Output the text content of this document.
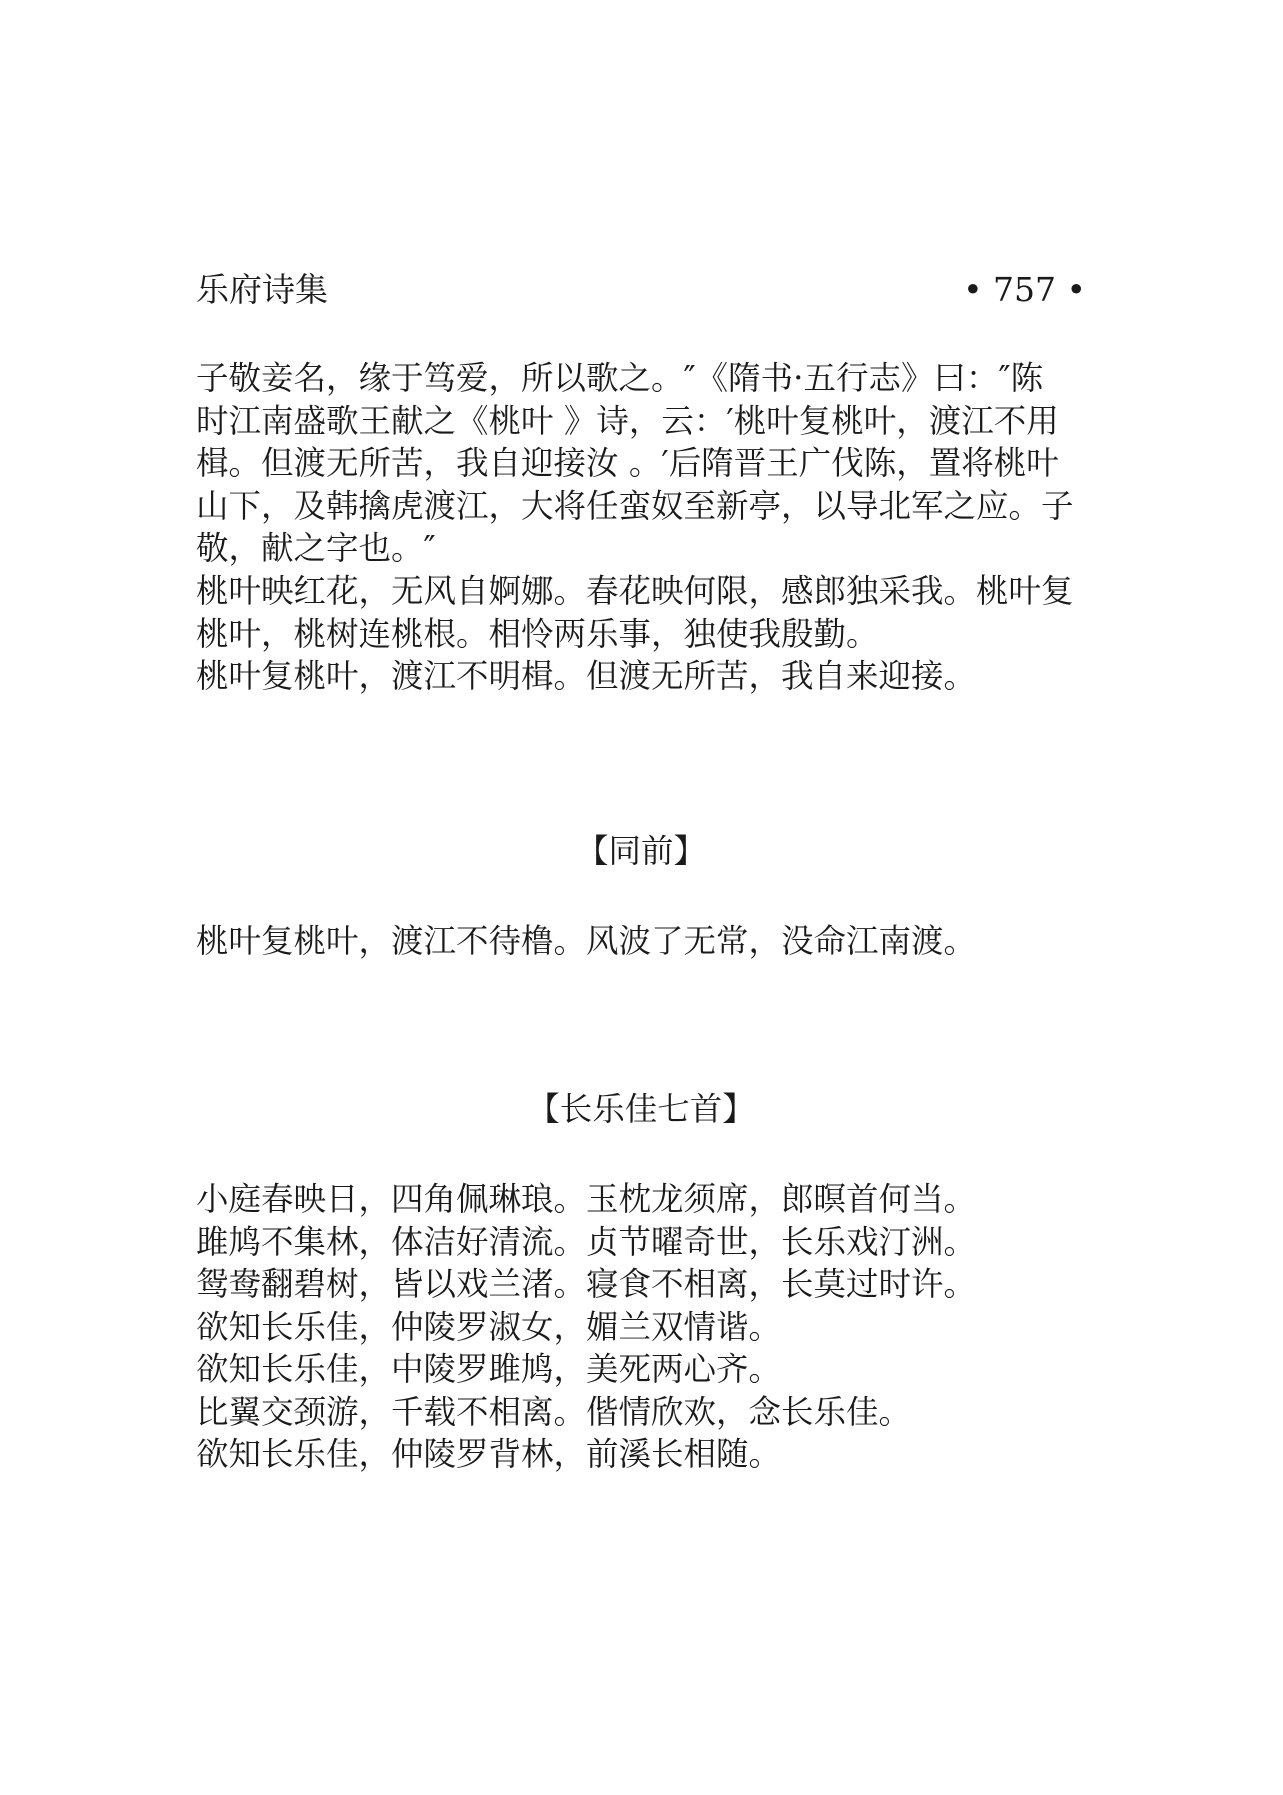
乐府诗集	• 757 •
子敬妾名，缘于笃爱，所以歌之。″《隋书·五行志》曰：″陈
时江南盛歌王献之《桃叶 》诗，云：′桃叶复桃叶，渡江不用
楫。但渡无所苦，我自迎接汝 。′后隋晋王广伐陈，置将桃叶
山下，及韩擒虎渡江，大将任蛮奴至新亭，以导北军之应。子
敬，献之字也。″
桃叶映红花，无风自婀娜。春花映何限，感郎独采我。桃叶复
桃叶，桃树连桃根。相怜两乐事，独使我殷勤。
桃叶复桃叶，渡江不明楫。但渡无所苦，我自来迎接。
【同前】
桃叶复桃叶，渡江不待橹。风波了无常，没命江南渡。
【长乐佳七首】
小庭春映日，四角佩琳琅。玉枕龙须席，郎暝首何当。
雎鸠不集林，体洁好清流。贞节曜奇世，长乐戏汀洲。
鸳鸯翻碧树，皆以戏兰渚。寝食不相离，长莫过时许。
欲知长乐佳，仲陵罗淑女，媚兰双情谐。
欲知长乐佳，中陵罗雎鸠，美死两心齐。
比翼交颈游，千载不相离。偕情欣欢，念长乐佳。
欲知长乐佳，仲陵罗背林，前溪长相随。
